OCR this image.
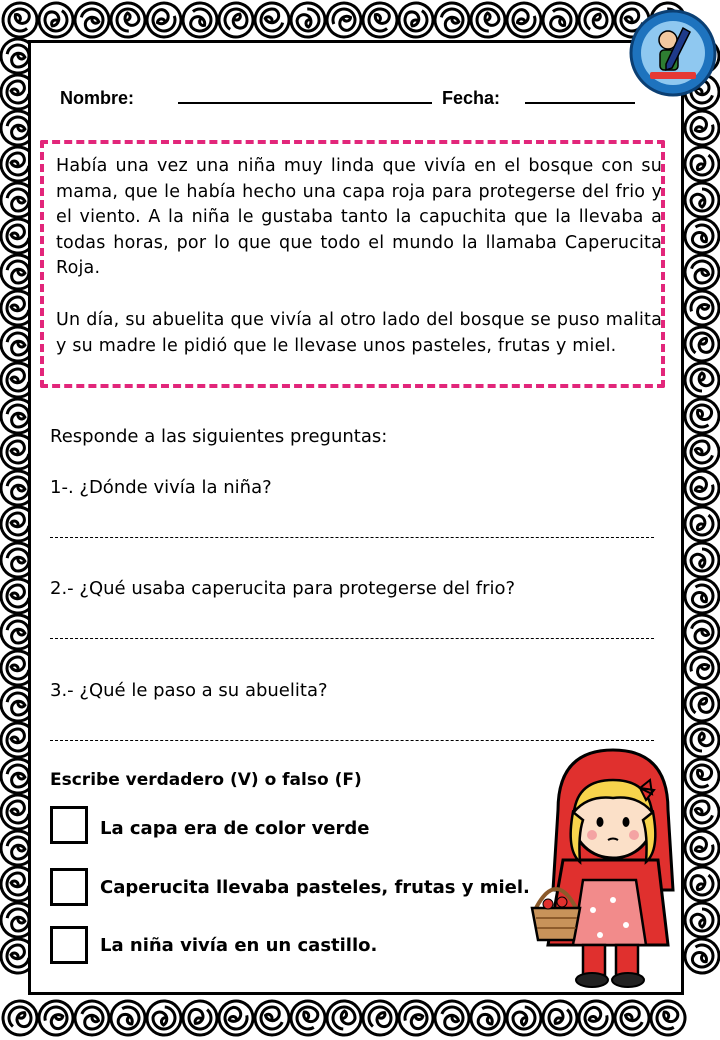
Nombre:	Fecha:

Había una vez una niña muy linda que vivía en el bosque con su mama, que le había hecho una capa roja para protegerse del frio y el viento. A la niña le gustaba tanto la capuchita que la llevaba a todas horas, por lo que que todo el mundo la llamaba Caperucita Roja.

Un día, su abuelita que vivía al otro lado del bosque se puso malita y su madre le pidió que le llevase unos pasteles, frutas y miel.

Responde a las siguientes preguntas:
1-. ¿Dónde vivía la niña?
2.- ¿Qué usaba caperucita para protegerse del frio?
3.- ¿Qué le paso a su abuelita?
Escribe verdadero (V) o falso (F)
La capa era de color verde
Caperucita llevaba pasteles, frutas y miel.
La niña vivía en un castillo.
